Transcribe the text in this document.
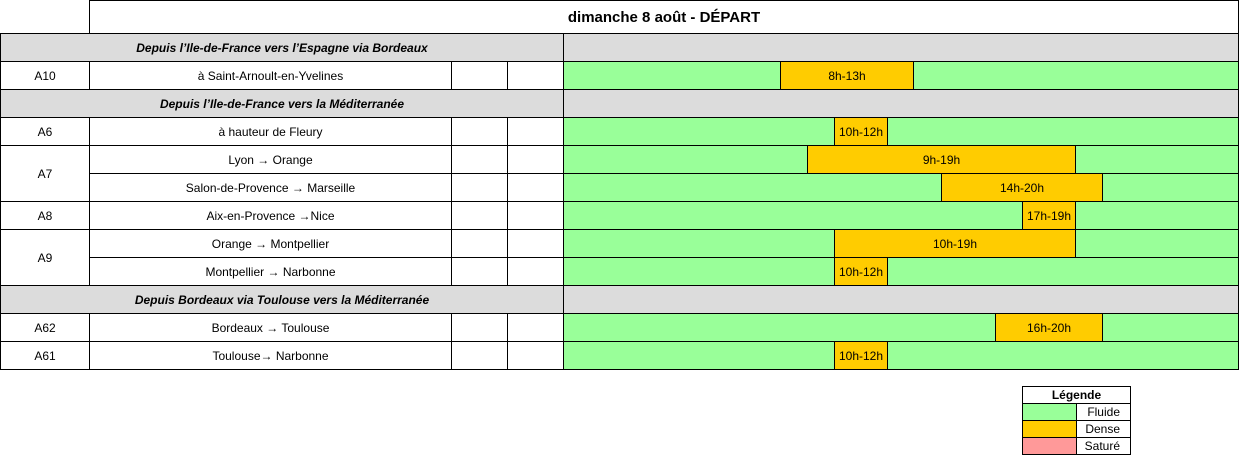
dimanche 8 août - DÉPART
Depuis l’Ile-de-France vers l’Espagne via Bordeaux
A10	à Saint-Arnoult-en-Yvelines	8h-13h
Depuis l’Ile-de-France vers la Méditerranée
A6	à hauteur de Fleury	10h-12h
A7
Lyon → Orange	9h-19h
Salon-de-Provence → Marseille	14h-20h
A8	Aix-en-Provence →Nice	17h-19h
A9
Orange → Montpellier	10h-19h
Montpellier → Narbonne	10h-12h
Depuis Bordeaux via Toulouse vers la Méditerranée
A62	Bordeaux → Toulouse	16h-20h
A61	Toulouse→ Narbonne	10h-12h
Légende
Fluide
Dense
Saturé
